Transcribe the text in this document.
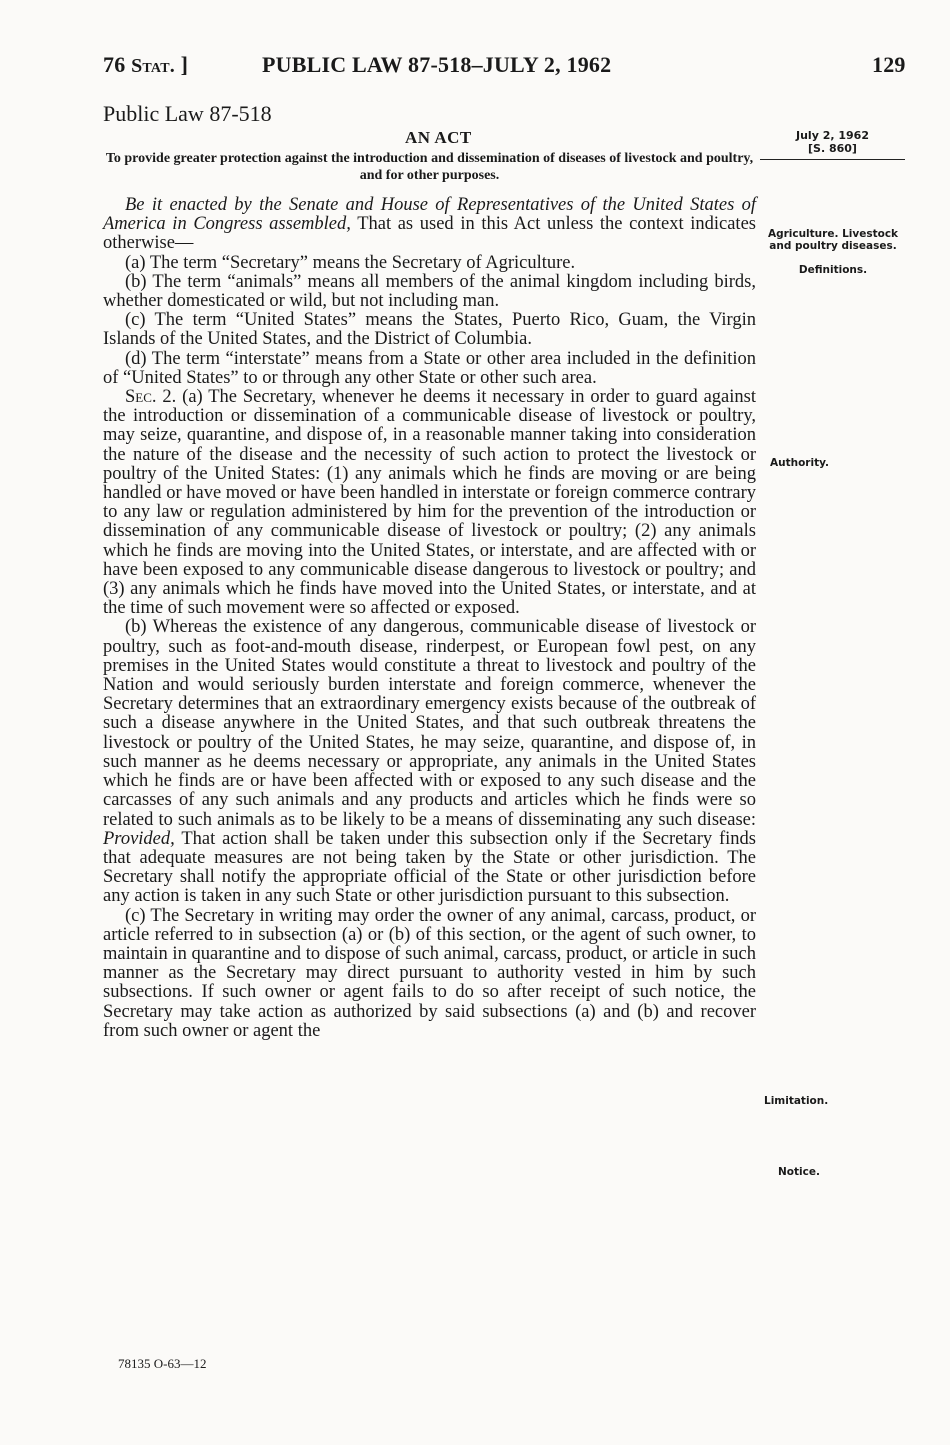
76 Stat. ]	PUBLIC LAW 87-518–JULY 2, 1962	129
Public Law 87-518
AN ACT
To provide greater protection against the introduction and dissemination of diseases of livestock and poultry, and for other purposes.
July 2, 1962
[S. 860]
Agriculture. Livestock and poultry diseases.
Definitions.
Authority.
Limitation.
Notice.

Be it enacted by the Senate and House of Representatives of the United States of America in Congress assembled, That as used in this Act unless the context indicates otherwise—

(a) The term “Secretary” means the Secretary of Agriculture.

(b) The term “animals” means all members of the animal kingdom including birds, whether domesticated or wild, but not including man.

(c) The term “United States” means the States, Puerto Rico, Guam, the Virgin Islands of the United States, and the District of Columbia.

(d) The term “interstate” means from a State or other area included in the definition of “United States” to or through any other State or other such area.

Sec. 2. (a) The Secretary, whenever he deems it necessary in order to guard against the introduction or dissemination of a communicable disease of livestock or poultry, may seize, quarantine, and dispose of, in a reasonable manner taking into consideration the nature of the disease and the necessity of such action to protect the livestock or poultry of the United States: (1) any animals which he finds are moving or are being handled or have moved or have been handled in interstate or foreign commerce contrary to any law or regulation administered by him for the prevention of the introduction or dissemination of any communicable disease of livestock or poultry; (2) any animals which he finds are moving into the United States, or interstate, and are affected with or have been exposed to any communicable disease dangerous to livestock or poultry; and (3) any animals which he finds have moved into the United States, or interstate, and at the time of such movement were so affected or exposed.

(b) Whereas the existence of any dangerous, communicable disease of livestock or poultry, such as foot-and-mouth disease, rinderpest, or European fowl pest, on any premises in the United States would constitute a threat to livestock and poultry of the Nation and would seriously burden interstate and foreign commerce, whenever the Secretary determines that an extraordinary emergency exists because of the outbreak of such a disease anywhere in the United States, and that such outbreak threatens the livestock or poultry of the United States, he may seize, quarantine, and dispose of, in such manner as he deems necessary or appropriate, any animals in the United States which he finds are or have been affected with or exposed to any such disease and the carcasses of any such animals and any products and articles which he finds were so related to such animals as to be likely to be a means of disseminating any such disease: Provided, That action shall be taken under this subsection only if the Secretary finds that adequate measures are not being taken by the State or other jurisdiction. The Secretary shall notify the appropriate official of the State or other jurisdiction before any action is taken in any such State or other jurisdiction pursuant to this subsection.

(c) The Secretary in writing may order the owner of any animal, carcass, product, or article referred to in subsection (a) or (b) of this section, or the agent of such owner, to maintain in quarantine and to dispose of such animal, carcass, product, or article in such manner as the Secretary may direct pursuant to authority vested in him by such subsections. If such owner or agent fails to do so after receipt of such notice, the Secretary may take action as authorized by said subsections (a) and (b) and recover from such owner or agent the

78135 O-63—12
